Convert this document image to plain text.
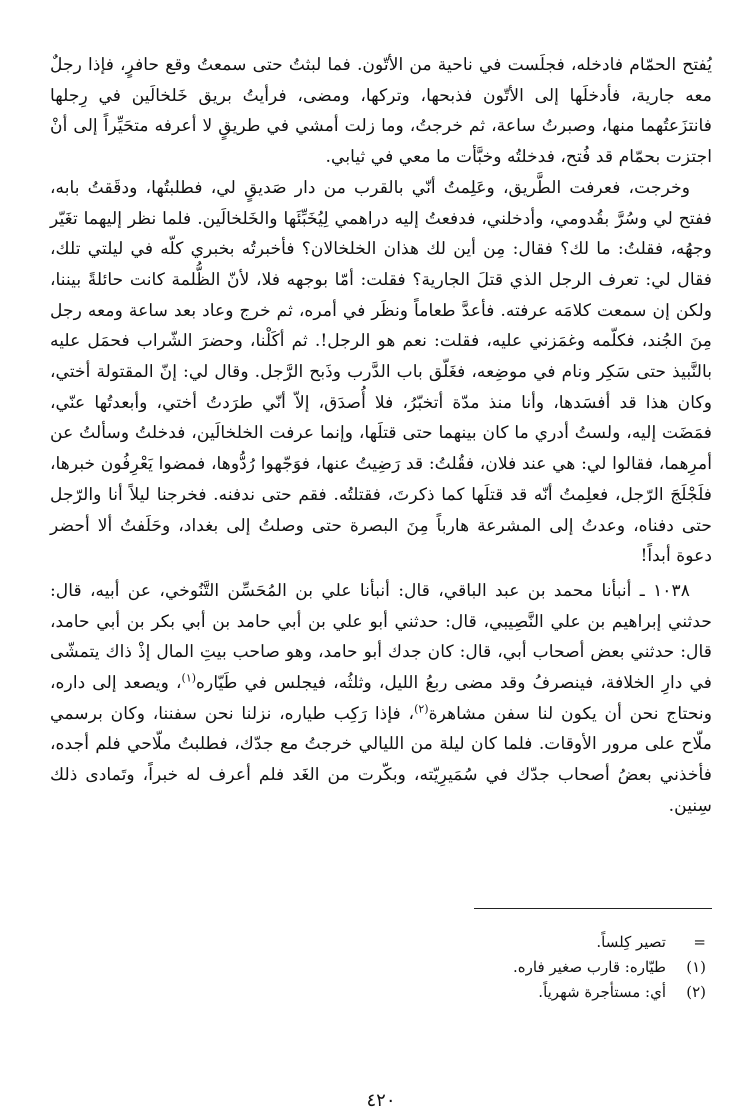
يُفتح الحمّام فادخله، فجلَست في ناحية من الأتّون. فما لبثتُ حتى سمعتُ وقع حافرٍ، فإذا رجلٌ معه جارية، فأدخلَها إلى الأتّون فذبحها، وتركها، ومضى، فرأيتُ بريق خَلخالَين في رِجلها فانتزَعتُهما منها، وصبرتُ ساعة، ثم خرجتُ، وما زلت أمشي في طريقٍ لا أعرفه متحَيِّراً إلى أنْ اجتزت بحمّام قد فُتح، فدخلتُه وخبَّأت ما معي في ثيابي.

وخرجت، فعرفت الطَّريق، وعَلِمتُ أنّي بالقرب من دار صَديقٍ لي، فطلبتُها، ودقَقتُ بابه، ففتح لي وسُرَّ بقُدومي، وأدخلني، فدفعتُ إليه دراهمي لِيُخَبِّئَها والخَلخالَين. فلما نظر إليهما تغَيّر وجهُه، فقلتُ: ما لك؟ فقال: مِن أين لك هذان الخلخالان؟ فأخبرتُه بخبري كلّه في ليلتي تلك، فقال لي: تعرف الرجل الذي قتلَ الجارية؟ فقلت: أمّا بوجهه فلا، لأنّ الظُّلمة كانت حائلةً بيننا، ولكن إن سمعت كلامَه عرفته. فأعدَّ طعاماً ونظَر في أمره، ثم خرج وعاد بعد ساعة ومعه رجل مِنَ الجُند، فكلّمه وغمَزني عليه، فقلت: نعم هو الرجل!. ثم أكَلْنا، وحضرَ الشّراب فحمَل عليه بالنَّبيذ حتى سَكِر ونام في موضِعه، فغَلّق باب الدَّرب وذَبح الرَّجل. وقال لي: إنّ المقتولة أختي، وكان هذا قد أفسَدها، وأنا منذ مدّة أتخبّرُ، فلا أُصدَق، إلاّ أنّي طرَدتُ أختي، وأبعدتُها عنّي، فمَضَت إليه، ولستُ أدري ما كان بينهما حتى قتلَها، وإنما عرفت الخلخالَين، فدخلتُ وسألتُ عن أمرِهما، فقالوا لي: هي عند فلان، فقُلتُ: قد رَضِيتُ عنها، فوَجّهوا رُدُّوها، فمضوا يَعْرِفُون خبرها، فلَجْلَجَ الرّجل، فعلِمتُ أنّه قد قتلَها كما ذكرتَ، فقتلتُه. فقم حتى ندفنه. فخرجنا ليلاً أنا والرّجل حتى دفناه، وعدتُ إلى المشرعة هارباً مِنَ البصرة حتى وصلتُ إلى بغداد، وحَلَفتُ ألا أحضر دعوة أبداً!

١٠٣٨ ـ أنبأنا محمد بن عبد الباقي، قال: أنبأنا علي بن المُحَسِّن التَّنُوخي، عن أبيه، قال: حدثني إبراهيم بن علي النَّصِيبي، قال: حدثني أبو علي بن أبي حامد بن أبي بكر بن أبي حامد، قال: حدثني بعض أصحاب أبي، قال: كان جدك أبو حامد، وهو صاحب بيتِ المال إذْ ذاك يتمشّى في دارِ الخلافة، فينصرفُ وقد مضى ربعُ الليل، وثلثُه، فيجلس في طَيّاره$^{(١)}$، ويصعد إلى داره، ونحتاج نحن أن يكون لنا سفن مشاهرة$^{(٢)}$، فإذا رَكِب طياره، نزلنا نحن سفننا، وكان برسمي ملّاح على مرور الأوقات. فلما كان ليلة من الليالي خرجتُ مع جدّك، فطلبتُ ملّاحي فلم أجده، فأخذني بعضُ أصحاب جدّك في سُمَيرِيّته، وبكّرت من الغَد فلم أعرف له خبراً، وتَمادى ذلك سِنين.

=
تصير كِلساً.
(١)
طيّاره: قارب صغير فاره.
(٢)
أي: مستأجرة شهرياً.
٤٢٠
